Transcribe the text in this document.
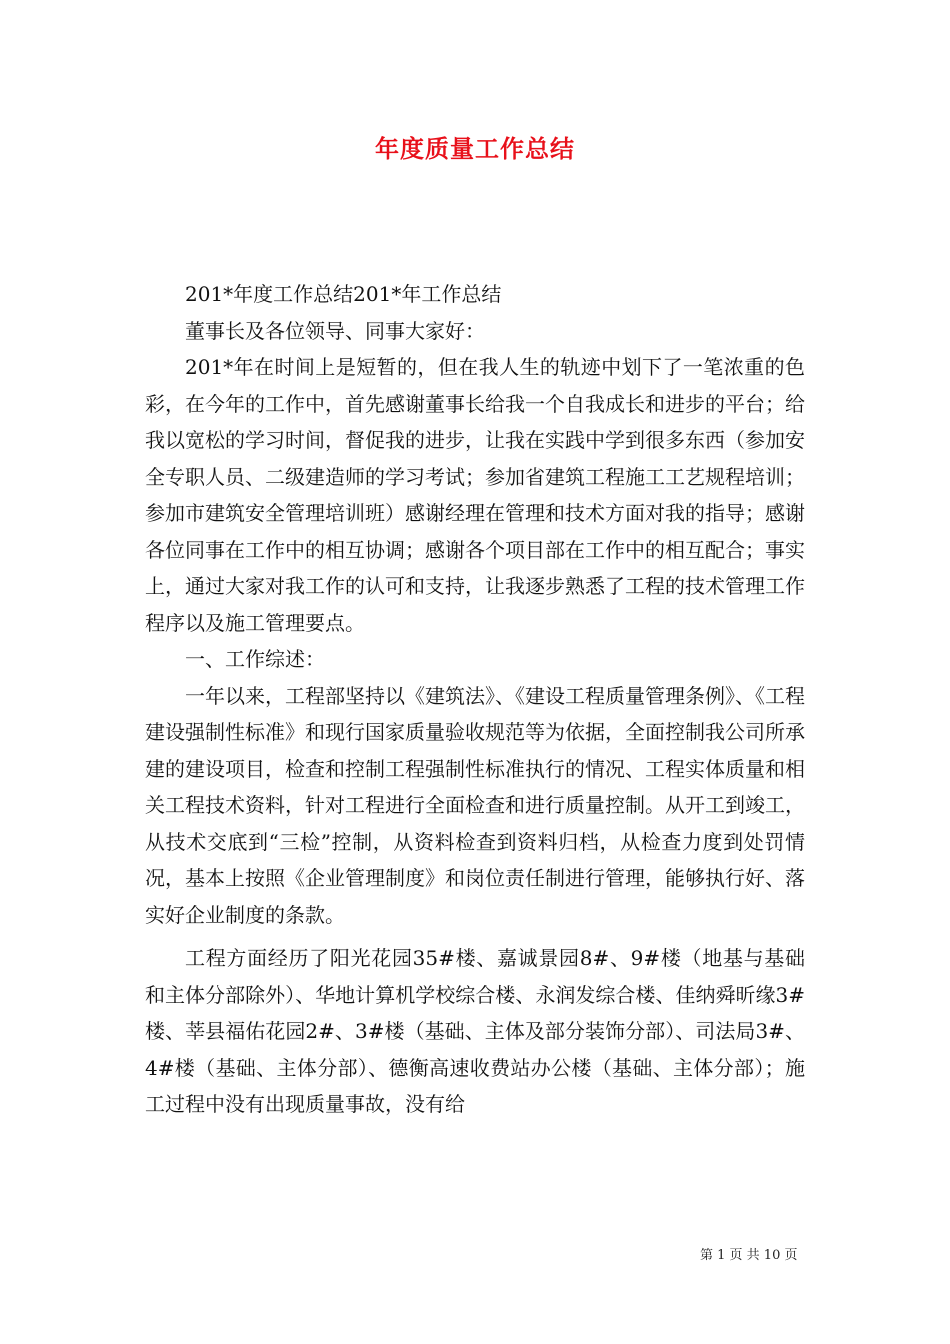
年度质量工作总结

201*年度工作总结201*年工作总结

董事长及各位领导、同事大家好：

201*年在时间上是短暂的，但在我人生的轨迹中划下了一笔浓重的色彩，在今年的工作中，首先感谢董事长给我一个自我成长和进步的平台；给我以宽松的学习时间，督促我的进步，让我在实践中学到很多东西（参加安全专职人员、二级建造师的学习考试；参加省建筑工程施工工艺规程培训；参加市建筑安全管理培训班）感谢经理在管理和技术方面对我的指导；感谢各位同事在工作中的相互协调；感谢各个项目部在工作中的相互配合；事实上，通过大家对我工作的认可和支持，让我逐步熟悉了工程的技术管理工作程序以及施工管理要点。

一、工作综述：

一年以来，工程部坚持以《建筑法》、《建设工程质量管理条例》、《工程建设强制性标准》和现行国家质量验收规范等为依据，全面控制我公司所承建的建设项目，检查和控制工程强制性标准执行的情况、工程实体质量和相关工程技术资料，针对工程进行全面检查和进行质量控制。从开工到竣工，从技术交底到“三检”控制，从资料检查到资料归档，从检查力度到处罚情况，基本上按照《企业管理制度》和岗位责任制进行管理，能够执行好、落实好企业制度的条款。

工程方面经历了阳光花园35#楼、嘉诚景园8#、9#楼（地基与基础和主体分部除外）、华地计算机学校综合楼、永润发综合楼、佳纳舜昕缘3#楼、莘县福佑花园2#、3#楼（基础、主体及部分装饰分部）、司法局3#、4#楼（基础、主体分部）、德衡高速收费站办公楼（基础、主体分部）；施工过程中没有出现质量事故，没有给

第 1 页 共 10 页
